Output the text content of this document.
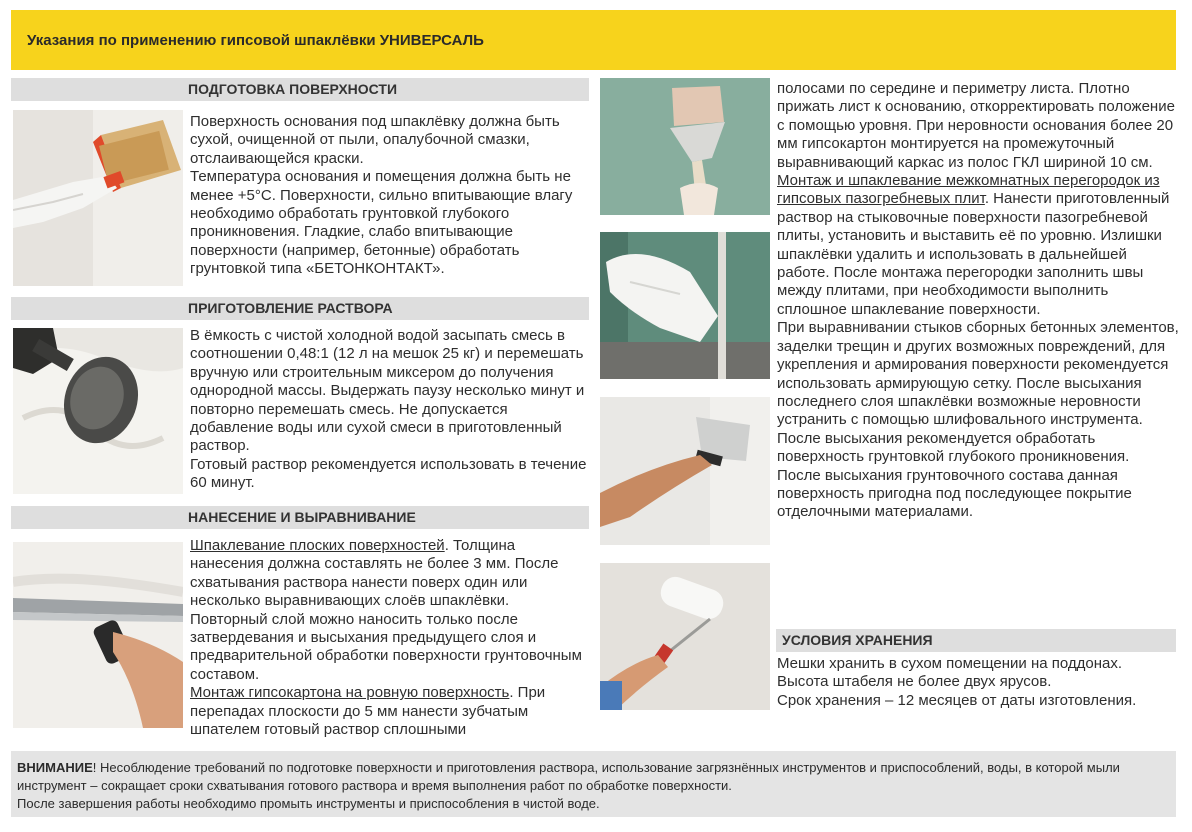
Указания по применению гипсовой шпаклёвки УНИВЕРСАЛЬ
ПОДГОТОВКА ПОВЕРХНОСТИ

Поверхность основания под шпаклёвку должна быть сухой, очищенной от пыли, опалубочной смазки, отслаивающейся краски.

Температура основания и помещения должна быть не менее +5°С. Поверхности, сильно впитывающие влагу необходимо обработать грунтовкой глубокого проникновения. Гладкие, слабо впитывающие поверхности (например, бетонные) обработать грунтовкой типа «БЕТОНКОНТАКТ».

ПРИГОТОВЛЕНИЕ РАСТВОРА

В ёмкость с чистой холодной водой засыпать смесь в соотношении 0,48:1 (12 л на мешок 25 кг) и перемешать вручную или строительным миксером до получения однородной массы. Выдержать паузу несколько минут и повторно перемешать смесь. Не допускается добавление воды или сухой смеси в приготовленный раствор.

Готовый раствор рекомендуется использовать в течение 60 минут.

НАНЕСЕНИЕ И ВЫРАВНИВАНИЕ

Шпаклевание плоских поверхностей. Толщина нанесения должна составлять не более 3 мм. После схватывания раствора нанести поверх один или несколько выравнивающих слоёв шпаклёвки. Повторный слой можно наносить только после затвердевания и высыхания предыдущего слоя и предварительной обработки поверхности грунтовочным составом.

Монтаж гипсокартона на ровную поверхность. При перепадах плоскости до 5 мм нанести зубчатым шпателем готовый раствор сплошными

полосами по середине и периметру листа. Плотно прижать лист к основанию, откорректировать положение с помощью уровня. При неровности основания более 20 мм гипсокартон монтируется на промежуточный выравнивающий каркас из полос ГКЛ шириной 10 см.

Монтаж и шпаклевание межкомнатных перегородок из гипсовых пазогребневых плит. Нанести приготовленный раствор на стыковочные поверхности пазогребневой плиты, установить и выставить её по уровню. Излишки шпаклёвки удалить и использовать в дальнейшей работе. После монтажа перегородки заполнить швы между плитами, при необходимости выполнить сплошное шпаклевание поверхности.

При выравнивании стыков сборных бетонных элементов, заделки трещин и других возможных повреждений, для укрепления и армирования поверхности рекомендуется использовать армирующую сетку. После высыхания последнего слоя шпаклёвки возможные неровности устранить с помощью шлифовального инструмента.

После высыхания рекомендуется обработать поверхность грунтовкой глубокого проникновения.

После высыхания грунтовочного состава данная поверхность пригодна под последующее покрытие отделочными материалами.

УСЛОВИЯ ХРАНЕНИЯ

Мешки хранить в сухом помещении на поддонах.

Высота штабеля не более двух ярусов.

Срок хранения – 12 месяцев от даты изготовления.

ВНИМАНИЕ! Несоблюдение требований по подготовке поверхности и приготовления раствора, использование загрязнённых инструментов и приспособлений, воды, в которой мыли инструмент – сокращает сроки схватывания готового раствора и время выполнения работ по обработке поверхности.

После завершения работы необходимо промыть инструменты и приспособления в чистой воде.
